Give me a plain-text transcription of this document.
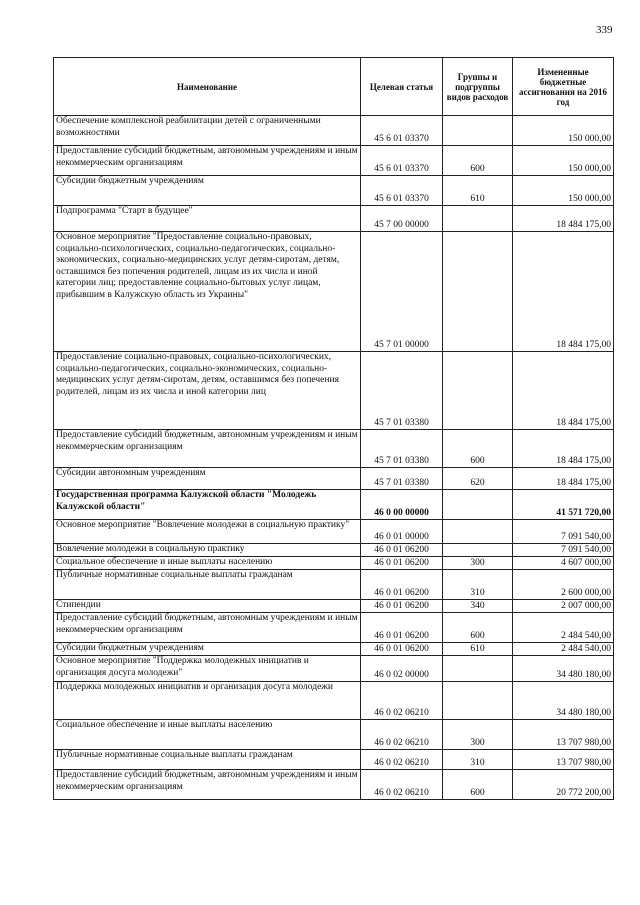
339
Наименование	Целевая статья	Группы и подгруппы видов расходов	Измененные бюджетные ассигнования на 2016 год
Обеспечение комплексной реабилитации детей с ограниченными возможностями	45 6 01 03370		150 000,00
Предоставление субсидий бюджетным, автономным учреждениям и иным некоммерческим организациям	45 6 01 03370	600	150 000,00
Субсидии бюджетным учреждениям	45 6 01 03370	610	150 000,00
Подпрограмма "Старт в будущее"	45 7 00 00000		18 484 175,00
Основное мероприятие "Предоставление социально-правовых, социально-психологических, социально-педагогических, социально-экономических, социально-медицинских услуг детям-сиротам, детям, оставшимся без попечения родителей, лицам из их числа и иной категории лиц; предоставление социально-бытовых услуг лицам, прибывшим в Калужскую область из Украины"	45 7 01 00000		18 484 175,00
Предоставление социально-правовых, социально-психологических, социально-педагогических, социально-экономических, социально-медицинских услуг детям-сиротам, детям, оставшимся без попечения родителей, лицам из их числа и иной категории лиц	45 7 01 03380		18 484 175,00
Предоставление субсидий бюджетным, автономным учреждениям и иным некоммерческим организациям	45 7 01 03380	600	18 484 175,00
Субсидии автономным учреждениям	45 7 01 03380	620	18 484 175,00
Государственная программа Калужской области "Молодежь Калужской области"	46 0 00 00000		41 571 720,00
Основное мероприятие "Вовлечение молодежи в социальную практику"	46 0 01 00000		7 091 540,00
Вовлечение молодежи в социальную практику	46 0 01 06200		7 091 540,00
Социальное обеспечение и иные выплаты населению	46 0 01 06200	300	4 607 000,00
Публичные нормативные социальные выплаты гражданам	46 0 01 06200	310	2 600 000,00
Стипендии	46 0 01 06200	340	2 007 000,00
Предоставление субсидий бюджетным, автономным учреждениям и иным некоммерческим организациям	46 0 01 06200	600	2 484 540,00
Субсидии бюджетным учреждениям	46 0 01 06200	610	2 484 540,00
Основное мероприятие "Поддержка молодежных инициатив и организация досуга молодежи"	46 0 02 00000		34 480 180,00
Поддержка молодежных инициатив и организация досуга молодежи	46 0 02 06210		34 480 180,00
Социальное обеспечение и иные выплаты населению	46 0 02 06210	300	13 707 980,00
Публичные нормативные социальные выплаты гражданам	46 0 02 06210	310	13 707 980,00
Предоставление субсидий бюджетным, автономным учреждениям и иным некоммерческим организациям	46 0 02 06210	600	20 772 200,00
